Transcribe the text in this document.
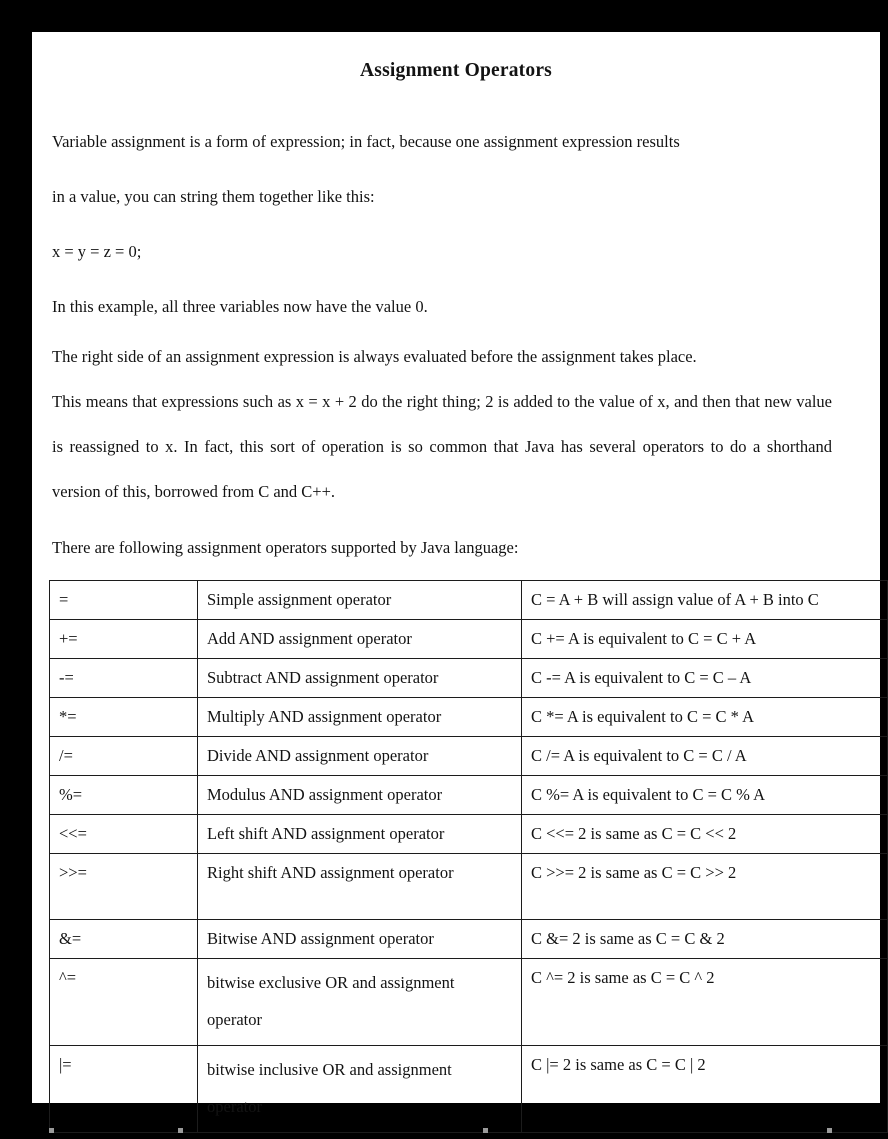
Assignment Operators

Variable assignment is a form of expression; in fact, because one assignment expression results

in a value, you can string them together like this:

x = y = z = 0;

In this example, all three variables now have the value 0.

The right side of an assignment expression is always evaluated before the assignment takes place.

This means that expressions such as x = x + 2 do the right thing; 2 is added to the value of x, and then that new value is reassigned to x. In fact, this sort of operation is so common that Java has several operators to do a shorthand version of this, borrowed from C and C++.

There are following assignment operators supported by Java language:

=	Simple assignment operator	C = A + B will assign value of A + B into C
+=	Add AND assignment operator	C += A is equivalent to C = C + A
-=	Subtract AND assignment operator	C -= A is equivalent to C = C – A
*=	Multiply AND assignment operator	C *= A is equivalent to C = C * A
/=	Divide AND assignment operator	C /= A is equivalent to C = C / A
%=	Modulus AND assignment operator	C %= A is equivalent to C = C % A
<<=	Left shift AND assignment operator	C <<= 2 is same as C = C << 2
>>=	Right shift AND assignment operator	C >>= 2 is same as C = C >> 2
&=	Bitwise AND assignment operator	C &= 2 is same as C = C & 2
^=	bitwise exclusive OR and assignment
operator	C ^= 2 is same as C = C ^ 2
|=	bitwise inclusive OR and assignment
operator	C |= 2 is same as C = C | 2
